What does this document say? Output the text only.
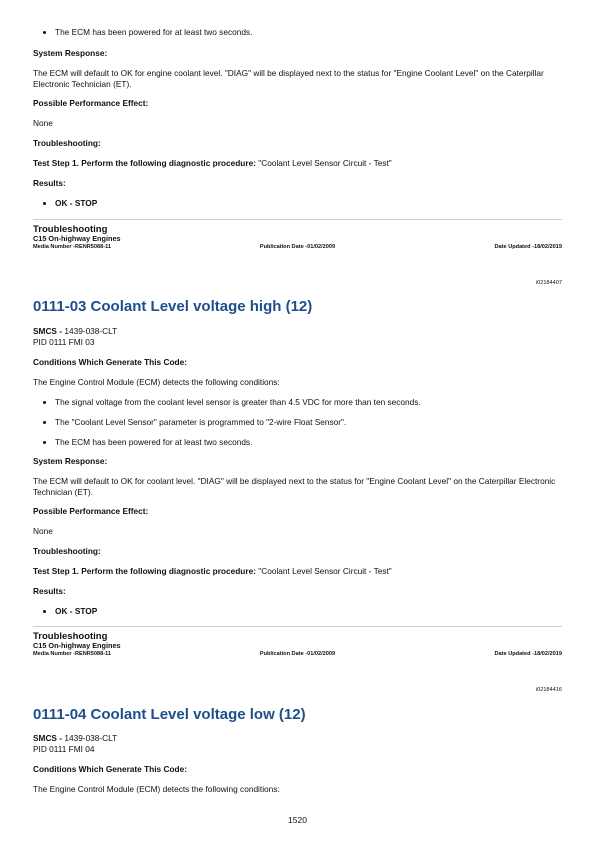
• The ECM has been powered for at least two seconds.

System Response:

The ECM will default to OK for engine coolant level. "DIAG" will be displayed next to the status for "Engine Coolant Level" on the Caterpillar Electronic Technician (ET).

Possible Performance Effect:

None

Troubleshooting:

Test Step 1. Perform the following diagnostic procedure: "Coolant Level Sensor Circuit - Test"

Results:

• OK - STOP
Troubleshooting
C15 On-highway Engines
Media Number -RENR5088-11	Publication Date -01/02/2009	Date Updated -18/02/2019
i02184407
0111-03 Coolant Level voltage high (12)

SMCS - 1439-038-CLT

PID 0111 FMI 03

Conditions Which Generate This Code:

The Engine Control Module (ECM) detects the following conditions:

• The signal voltage from the coolant level sensor is greater than 4.5 VDC for more than ten seconds.
• The "Coolant Level Sensor" parameter is programmed to "2-wire Float Sensor".
• The ECM has been powered for at least two seconds.

System Response:

The ECM will default to OK for coolant level. "DIAG" will be displayed next to the status for "Engine Coolant Level" on the Caterpillar Electronic Technician (ET).

Possible Performance Effect:

None

Troubleshooting:

Test Step 1. Perform the following diagnostic procedure: "Coolant Level Sensor Circuit - Test"

Results:

• OK - STOP
Troubleshooting
C15 On-highway Engines
Media Number -RENR5088-11	Publication Date -01/02/2009	Date Updated -18/02/2019
i02184416
0111-04 Coolant Level voltage low (12)

SMCS - 1439-038-CLT

PID 0111 FMI 04

Conditions Which Generate This Code:

The Engine Control Module (ECM) detects the following conditions:

1520
